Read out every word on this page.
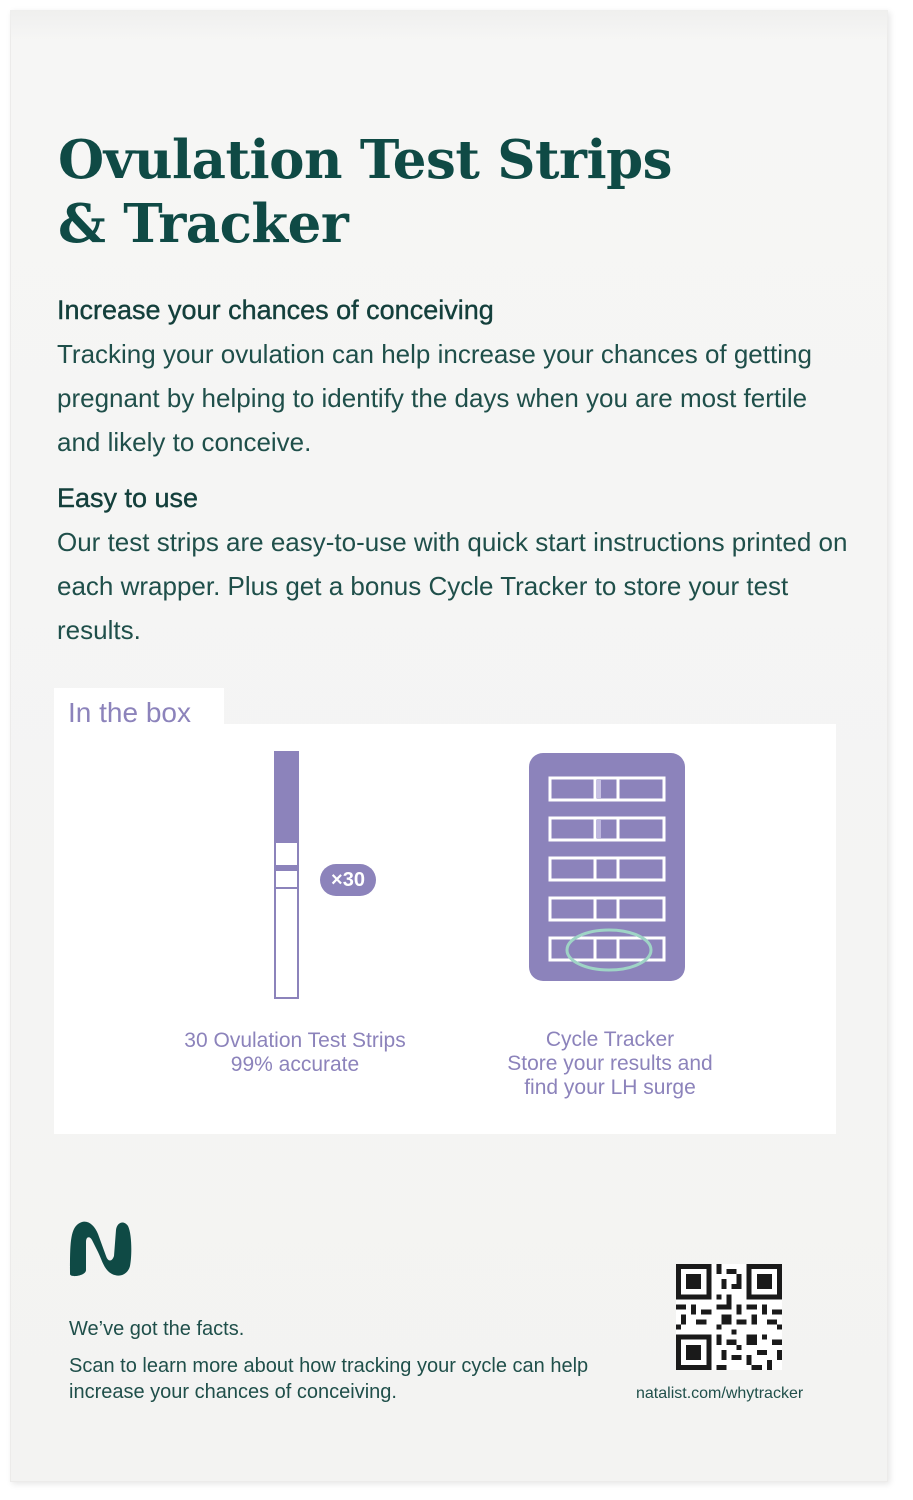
Ovulation Test Strips
& Tracker
Increase your chances of conceiving

Tracking your ovulation can help increase your chances of getting pregnant by helping to identify the days when you are most fertile and likely to conceive.

Easy to use

Our test strips are easy-to-use with quick start instructions printed on each wrapper. Plus get a bonus Cycle Tracker to store your test results.

In the box
×30
30 Ovulation Test Strips
99% accurate
Cycle Tracker
Store your results and
find your LH surge
We’ve got the facts.

Scan to learn more about how tracking your cycle can help increase your chances of conceiving.	natalist.com/whytracker
